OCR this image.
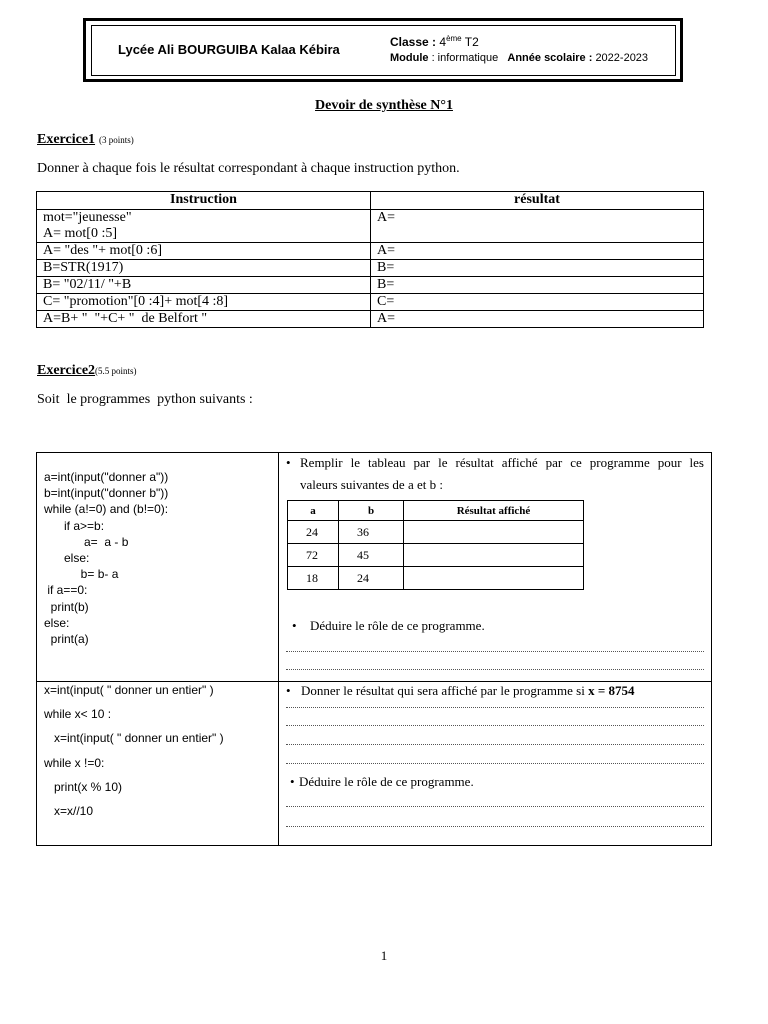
Lycée Ali BOURGUIBA Kalaa Kébira	Classe : 4ème T2
Module : informatique Année scolaire : 2022-2023
Devoir de synthèse N°1
Exercice1 (3 points)
Donner à chaque fois le résultat correspondant à chaque instruction python.
Instruction	résultat

mot="jeunesse"
A= mot[0 :5]	A=
A= "des "+ mot[0 :6]	A=
B=STR(1917)	B=
B= "02/11/ "+B	B=
C= "promotion"[0 :4]+ mot[4 :8]	C=
A=B+ "  "+C+ "  de Belfort "	A=
Exercice2(5.5 points)
Soit  le programmes  python suivants :
a=int(input("donner a"))
b=int(input("donner b"))
while (a!=0) and (b!=0):
if a>=b:
a=  a - b
else:
b= b- a
if a==0:
print(b)
else:
print(a)
• Remplir le tableau par le résultat affiché par ce programme pour les
valeurs suivantes de a et b :
a	b	Résultat affiché
24	36	
72	45	
18	24	
• Déduire le rôle de ce programme.
x=int(input( " donner un entier" )
while x< 10 :
x=int(input( " donner un entier" )
while x !=0:
print(x % 10)
x=x//10
• Donner le résultat qui sera affiché par le programme si x = 8754
• Déduire le rôle de ce programme.
1
